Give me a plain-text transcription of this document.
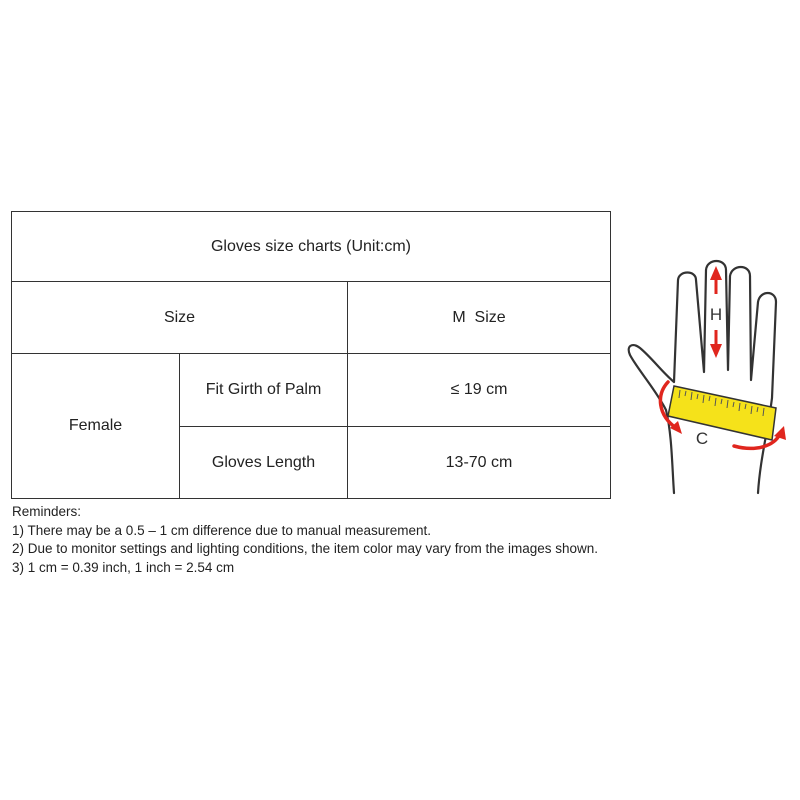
Gloves size charts (Unit:cm)		
Size		M  Size
Female	Fit Girth of Palm	≤ 19 cm
	Gloves Length	13-70 cm
H
C

Reminders:

1) There may be a 0.5 – 1 cm difference due to manual measurement.

2) Due to monitor settings and lighting conditions, the item color may vary from the images shown.

3) 1 cm = 0.39 inch, 1 inch = 2.54 cm
